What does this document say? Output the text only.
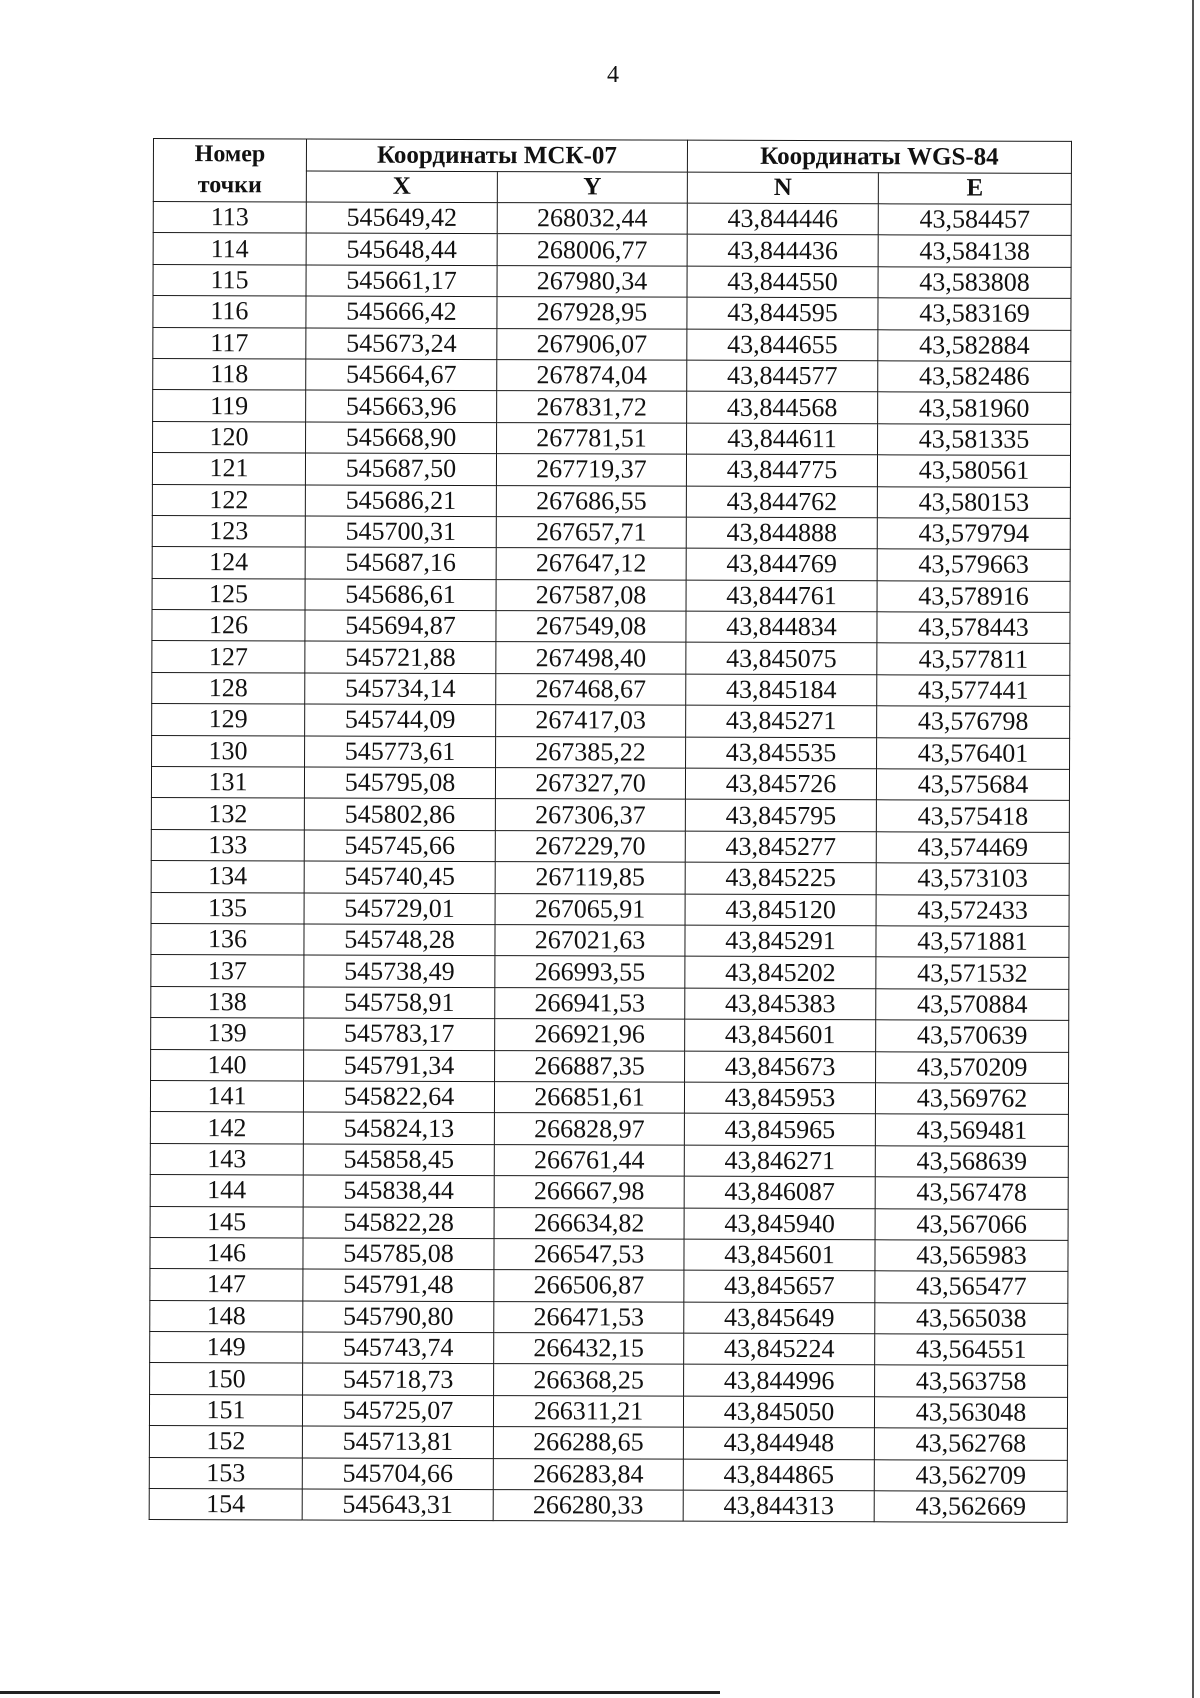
4
Номер
точки	Координаты МСК-07		Координаты WGS-84	
	X	Y	N	E
113	545649,42	268032,44	43,844446	43,584457
114	545648,44	268006,77	43,844436	43,584138
115	545661,17	267980,34	43,844550	43,583808
116	545666,42	267928,95	43,844595	43,583169
117	545673,24	267906,07	43,844655	43,582884
118	545664,67	267874,04	43,844577	43,582486
119	545663,96	267831,72	43,844568	43,581960
120	545668,90	267781,51	43,844611	43,581335
121	545687,50	267719,37	43,844775	43,580561
122	545686,21	267686,55	43,844762	43,580153
123	545700,31	267657,71	43,844888	43,579794
124	545687,16	267647,12	43,844769	43,579663
125	545686,61	267587,08	43,844761	43,578916
126	545694,87	267549,08	43,844834	43,578443
127	545721,88	267498,40	43,845075	43,577811
128	545734,14	267468,67	43,845184	43,577441
129	545744,09	267417,03	43,845271	43,576798
130	545773,61	267385,22	43,845535	43,576401
131	545795,08	267327,70	43,845726	43,575684
132	545802,86	267306,37	43,845795	43,575418
133	545745,66	267229,70	43,845277	43,574469
134	545740,45	267119,85	43,845225	43,573103
135	545729,01	267065,91	43,845120	43,572433
136	545748,28	267021,63	43,845291	43,571881
137	545738,49	266993,55	43,845202	43,571532
138	545758,91	266941,53	43,845383	43,570884
139	545783,17	266921,96	43,845601	43,570639
140	545791,34	266887,35	43,845673	43,570209
141	545822,64	266851,61	43,845953	43,569762
142	545824,13	266828,97	43,845965	43,569481
143	545858,45	266761,44	43,846271	43,568639
144	545838,44	266667,98	43,846087	43,567478
145	545822,28	266634,82	43,845940	43,567066
146	545785,08	266547,53	43,845601	43,565983
147	545791,48	266506,87	43,845657	43,565477
148	545790,80	266471,53	43,845649	43,565038
149	545743,74	266432,15	43,845224	43,564551
150	545718,73	266368,25	43,844996	43,563758
151	545725,07	266311,21	43,845050	43,563048
152	545713,81	266288,65	43,844948	43,562768
153	545704,66	266283,84	43,844865	43,562709
154	545643,31	266280,33	43,844313	43,562669
